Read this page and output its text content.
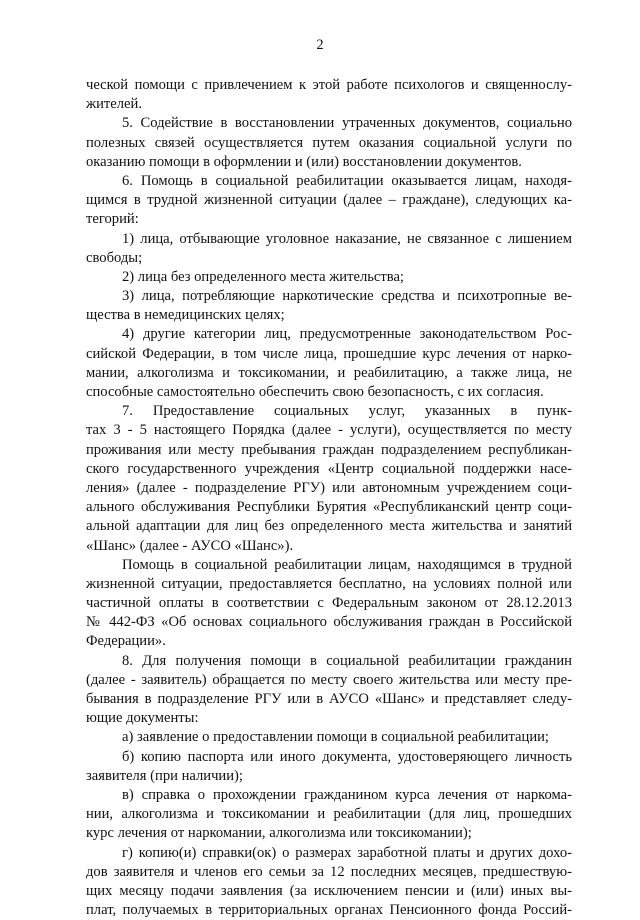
2
ческой помощи с привлечением к этой работе психологов и священнослу-
жителей.
5. Содействие в восстановлении утраченных документов, социально
полезных связей осуществляется путем оказания социальной услуги по
оказанию помощи в оформлении и (или) восстановлении документов.
6. Помощь в социальной реабилитации оказывается лицам, находя-
щимся в трудной жизненной ситуации (далее – граждане), следующих ка-
тегорий:
1) лица, отбывающие уголовное наказание, не связанное с лишением
свободы;
2) лица без определенного места жительства;
3) лица, потребляющие наркотические средства и психотропные ве-
щества в немедицинских целях;
4) другие категории лиц, предусмотренные законодательством Рос-
сийской Федерации, в том числе лица, прошедшие курс лечения от нарко-
мании, алкоголизма и токсикомании, и реабилитацию, а также лица, не
способные самостоятельно обеспечить свою безопасность, с их согласия.
7. Предоставление социальных услуг, указанных в пунк-
тах 3 - 5 настоящего Порядка (далее - услуги), осуществляется по месту
проживания или месту пребывания граждан подразделением республикан-
ского государственного учреждения «Центр социальной поддержки насе-
ления» (далее - подразделение РГУ) или автономным учреждением соци-
ального обслуживания Республики Бурятия «Республиканский центр соци-
альной адаптации для лиц без определенного места жительства и занятий
«Шанс» (далее - АУСО «Шанс»).
Помощь в социальной реабилитации лицам, находящимся в трудной
жизненной ситуации, предоставляется бесплатно, на условиях полной или
частичной оплаты в соответствии с Федеральным законом от 28.12.2013
№ 442-ФЗ «Об основах социального обслуживания граждан в Российской
Федерации».
8. Для получения помощи в социальной реабилитации гражданин
(далее - заявитель) обращается по месту своего жительства или месту пре-
бывания в подразделение РГУ или в АУСО «Шанс» и представляет следу-
ющие документы:
а) заявление о предоставлении помощи в социальной реабилитации;
б) копию паспорта или иного документа, удостоверяющего личность
заявителя (при наличии);
в) справка о прохождении гражданином курса лечения от наркома-
нии, алкоголизма и токсикомании и реабилитации (для лиц, прошедших
курс лечения от наркомании, алкоголизма или токсикомании);
г) копию(и) справки(ок) о размерах заработной платы и других дохо-
дов заявителя и членов его семьи за 12 последних месяцев, предшествую-
щих месяцу подачи заявления (за исключением пенсии и (или) иных вы-
плат, получаемых в территориальных органах Пенсионного фонда Россий-
